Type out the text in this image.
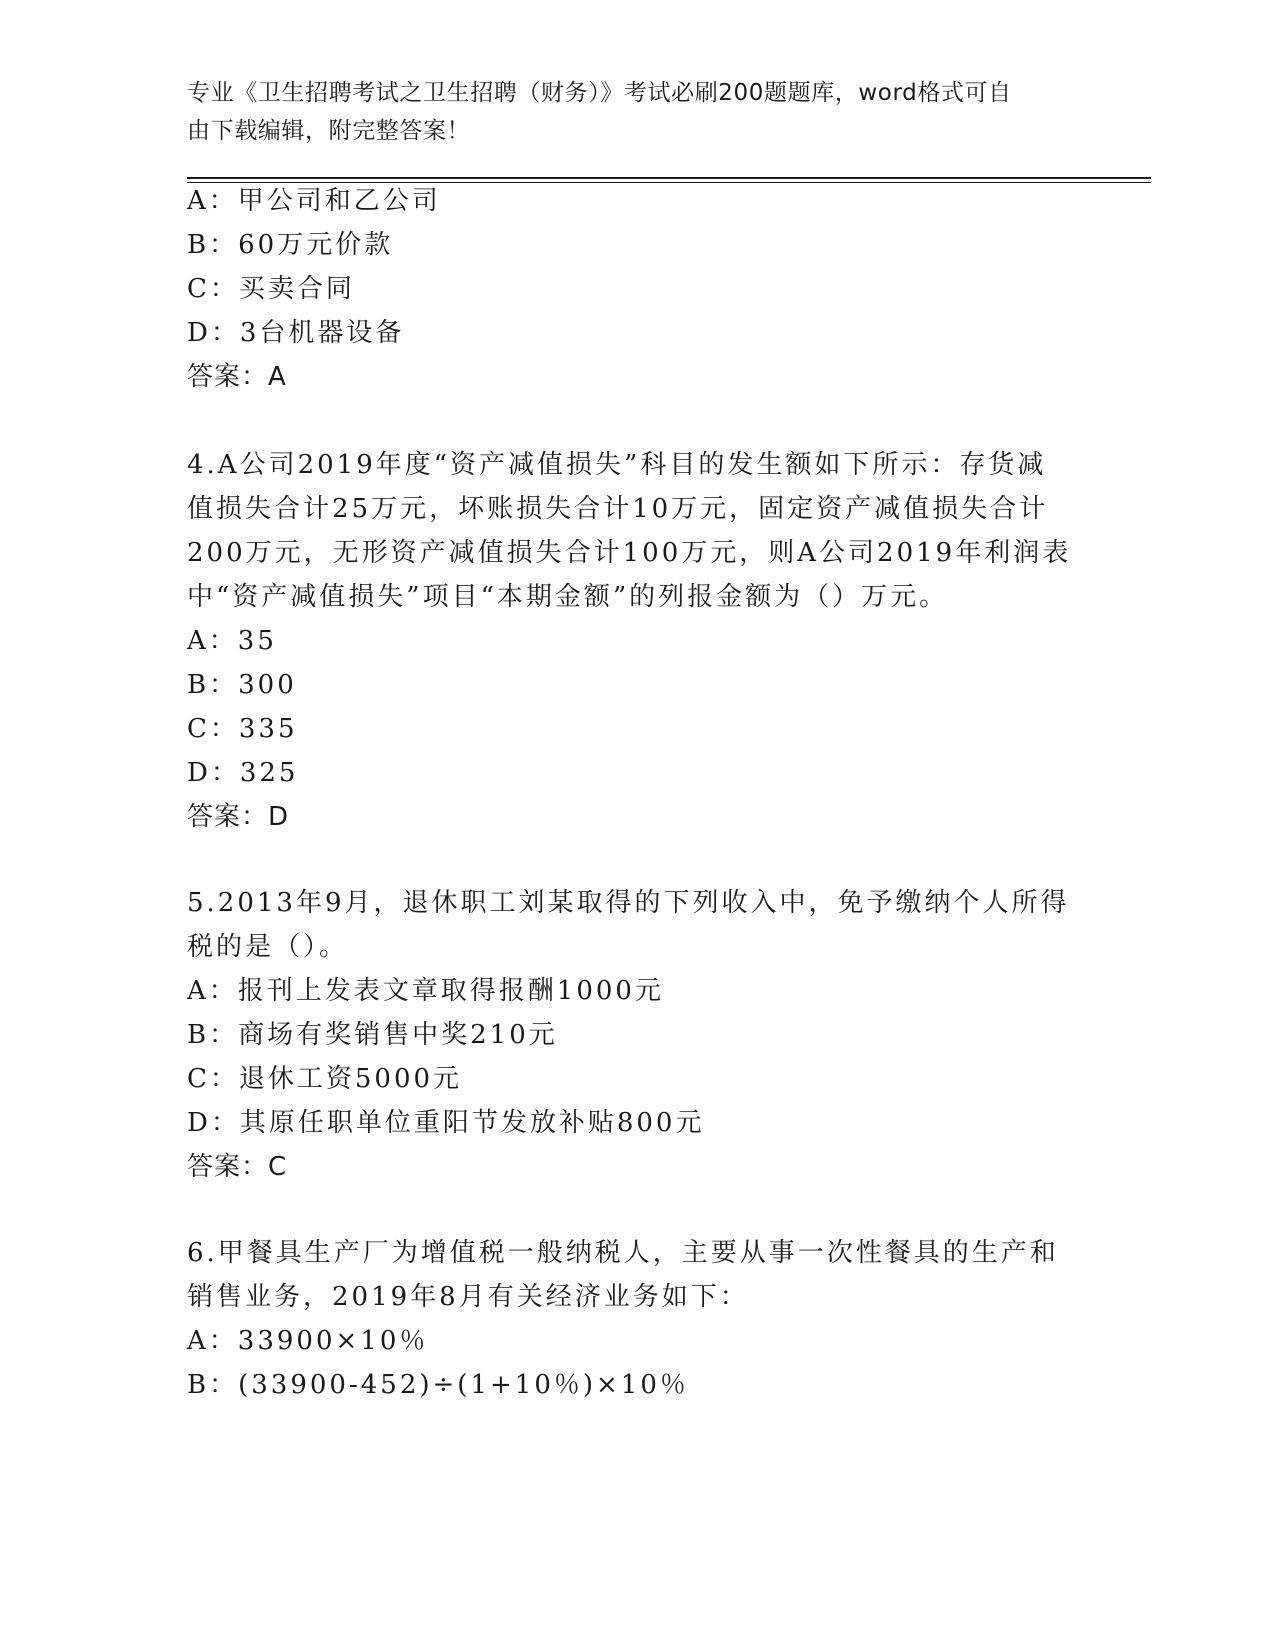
专业《卫生招聘考试之卫生招聘（财务）》考试必刷200题题库，word格式可自
由下载编辑，附完整答案！
A：甲公司和乙公司
B：60万元价款
C：买卖合同
D：3台机器设备
答案：A
4.A公司2019年度“资产减值损失”科目的发生额如下所示：存货减
值损失合计25万元，坏账损失合计10万元，固定资产减值损失合计
200万元，无形资产减值损失合计100万元，则A公司2019年利润表
中“资产减值损失”项目“本期金额”的列报金额为（）万元。
A：35
B：300
C：335
D：325
答案：D
5.2013年9月，退休职工刘某取得的下列收入中，免予缴纳个人所得
税的是（）。
A：报刊上发表文章取得报酬1000元
B：商场有奖销售中奖210元
C：退休工资5000元
D：其原任职单位重阳节发放补贴800元
答案：C
6.甲餐具生产厂为增值税一般纳税人，主要从事一次性餐具的生产和
销售业务，2019年8月有关经济业务如下：
A：33900×10％
B：(33900-452)÷(1+10％)×10％
